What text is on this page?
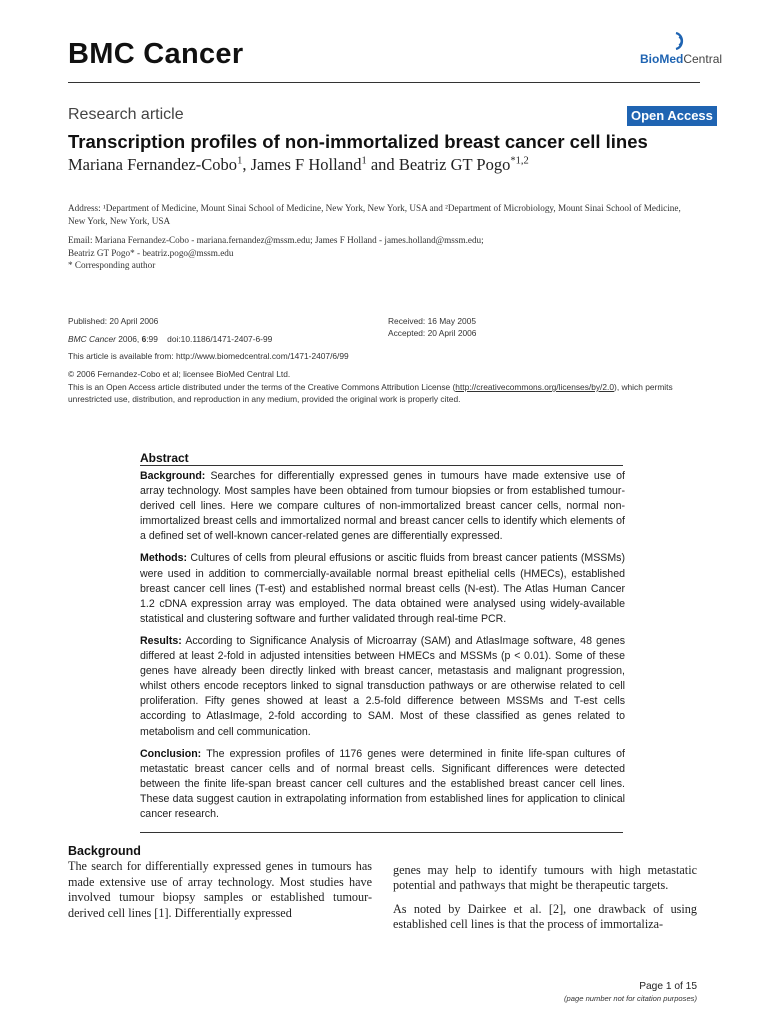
BMC Cancer	BioMedCentral
Research article	Open Access
Transcription profiles of non-immortalized breast cancer cell lines
Mariana Fernandez-Cobo$^1$, James F Holland$^1$ and Beatriz GT Pogo$^{*1,2}$
Address: ¹Department of Medicine, Mount Sinai School of Medicine, New York, New York, USA and ²Department of Microbiology, Mount Sinai School of Medicine, New York, New York, USA
Email: Mariana Fernandez-Cobo - mariana.fernandez@mssm.edu; James F Holland - james.holland@mssm.edu;
Beatriz GT Pogo* - beatriz.pogo@mssm.edu
* Corresponding author
Published: 20 April 2006
BMC Cancer 2006, 6:99    doi:10.1186/1471-2407-6-99
Received: 16 May 2005
Accepted: 20 April 2006
This article is available from: http://www.biomedcentral.com/1471-2407/6/99
© 2006 Fernandez-Cobo et al; licensee BioMed Central Ltd.
This is an Open Access article distributed under the terms of the Creative Commons Attribution License (http://creativecommons.org/licenses/by/2.0), which permits unrestricted use, distribution, and reproduction in any medium, provided the original work is properly cited.
Abstract

Background: Searches for differentially expressed genes in tumours have made extensive use of array technology. Most samples have been obtained from tumour biopsies or from established tumour-derived cell lines. Here we compare cultures of non-immortalized breast cancer cells, normal non-immortalized breast cells and immortalized normal and breast cancer cells to identify which elements of a defined set of well-known cancer-related genes are differentially expressed.

Methods: Cultures of cells from pleural effusions or ascitic fluids from breast cancer patients (MSSMs) were used in addition to commercially-available normal breast epithelial cells (HMECs), established breast cancer cell lines (T-est) and established normal breast cells (N-est). The Atlas Human Cancer 1.2 cDNA expression array was employed. The data obtained were analysed using widely-available statistical and clustering software and further validated through real-time PCR.

Results: According to Significance Analysis of Microarray (SAM) and AtlasImage software, 48 genes differed at least 2-fold in adjusted intensities between HMECs and MSSMs (p < 0.01). Some of these genes have already been directly linked with breast cancer, metastasis and malignant progression, whilst others encode receptors linked to signal transduction pathways or are otherwise related to cell proliferation. Fifty genes showed at least a 2.5-fold difference between MSSMs and T-est cells according to AtlasImage, 2-fold according to SAM. Most of these classified as genes related to metabolism and cell communication.

Conclusion: The expression profiles of 1176 genes were determined in finite life-span cultures of metastatic breast cancer cells and of normal breast cells. Significant differences were detected between the finite life-span breast cancer cell cultures and the established breast cancer cell lines. These data suggest caution in extrapolating information from established lines for application to clinical cancer research.

Background

The search for differentially expressed genes in tumours has made extensive use of array technology. Most studies have involved tumour biopsy samples or established tumour-derived cell lines [1]. Differentially expressed

genes may help to identify tumours with high metastatic potential and pathways that might be therapeutic targets.

As noted by Dairkee et al. [2], one drawback of using established cell lines is that the process of immortaliza-

Page 1 of 15
(page number not for citation purposes)
